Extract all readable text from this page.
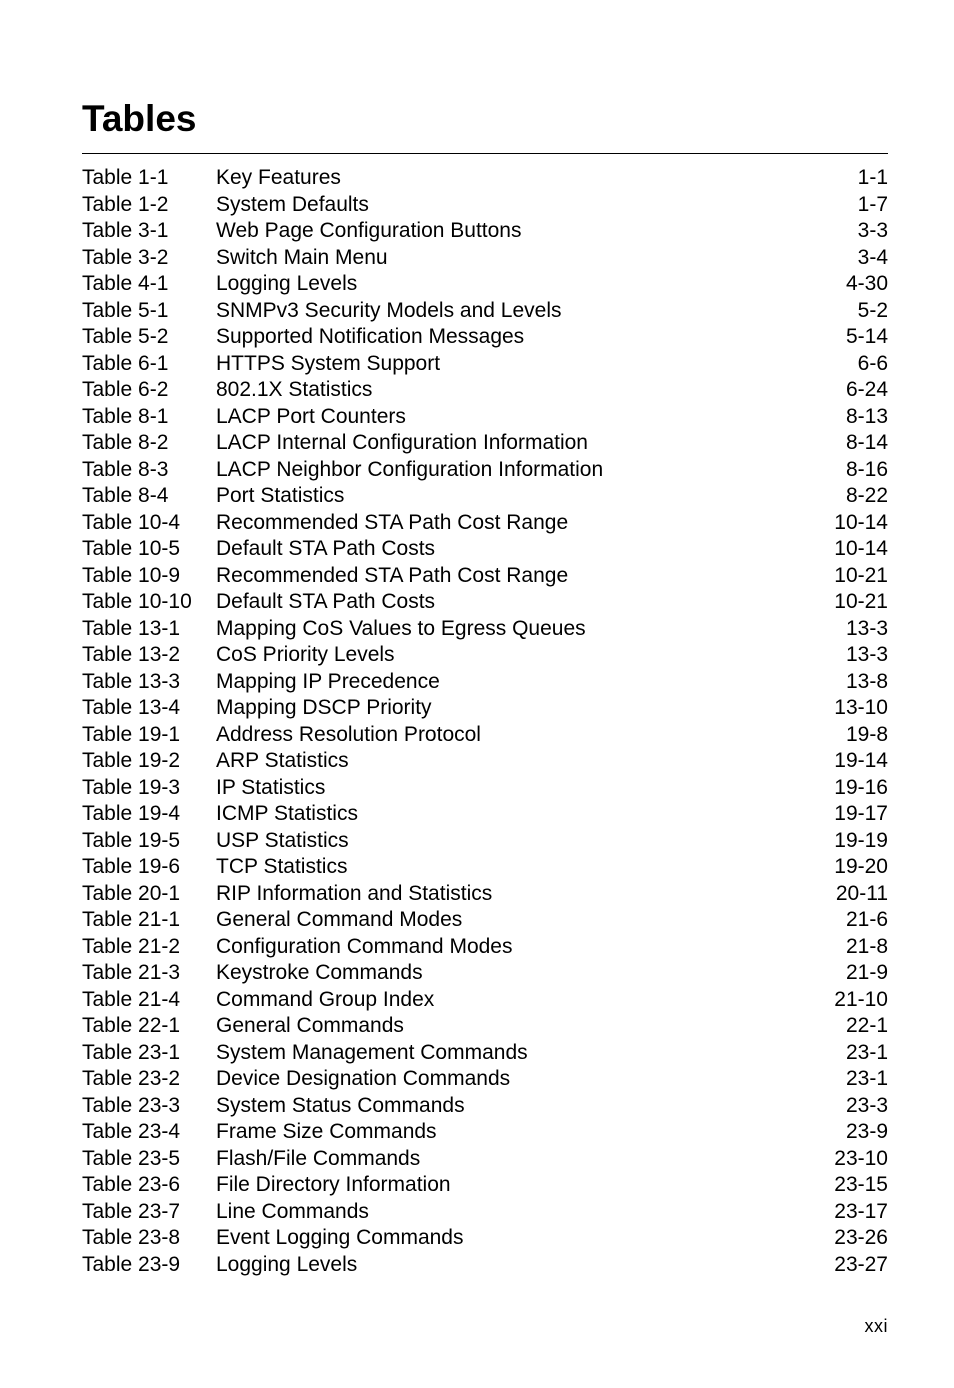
Tables
Table 1-1 Key Features	1-1
Table 1-2 System Defaults	1-7
Table 3-1 Web Page Configuration Buttons	3-3
Table 3-2 Switch Main Menu	3-4
Table 4-1 Logging Levels	4-30
Table 5-1 SNMPv3 Security Models and Levels	5-2
Table 5-2 Supported Notification Messages	5-14
Table 6-1 HTTPS System Support	6-6
Table 6-2 802.1X Statistics	6-24
Table 8-1 LACP Port Counters	8-13
Table 8-2 LACP Internal Configuration Information	8-14
Table 8-3 LACP Neighbor Configuration Information	8-16
Table 8-4 Port Statistics	8-22
Table 10-4 Recommended STA Path Cost Range	10-14
Table 10-5 Default STA Path Costs	10-14
Table 10-9 Recommended STA Path Cost Range	10-21
Table 10-10 Default STA Path Costs	10-21
Table 13-1 Mapping CoS Values to Egress Queues	13-3
Table 13-2 CoS Priority Levels	13-3
Table 13-3 Mapping IP Precedence	13-8
Table 13-4 Mapping DSCP Priority	13-10
Table 19-1 Address Resolution Protocol	19-8
Table 19-2 ARP Statistics	19-14
Table 19-3 IP Statistics	19-16
Table 19-4 ICMP Statistics	19-17
Table 19-5 USP Statistics	19-19
Table 19-6 TCP Statistics	19-20
Table 20-1 RIP Information and Statistics	20-11
Table 21-1 General Command Modes	21-6
Table 21-2 Configuration Command Modes	21-8
Table 21-3 Keystroke Commands	21-9
Table 21-4 Command Group Index	21-10
Table 22-1 General Commands	22-1
Table 23-1 System Management Commands	23-1
Table 23-2 Device Designation Commands	23-1
Table 23-3 System Status Commands	23-3
Table 23-4 Frame Size Commands	23-9
Table 23-5 Flash/File Commands	23-10
Table 23-6 File Directory Information	23-15
Table 23-7 Line Commands	23-17
Table 23-8 Event Logging Commands	23-26
Table 23-9 Logging Levels	23-27
xxi
